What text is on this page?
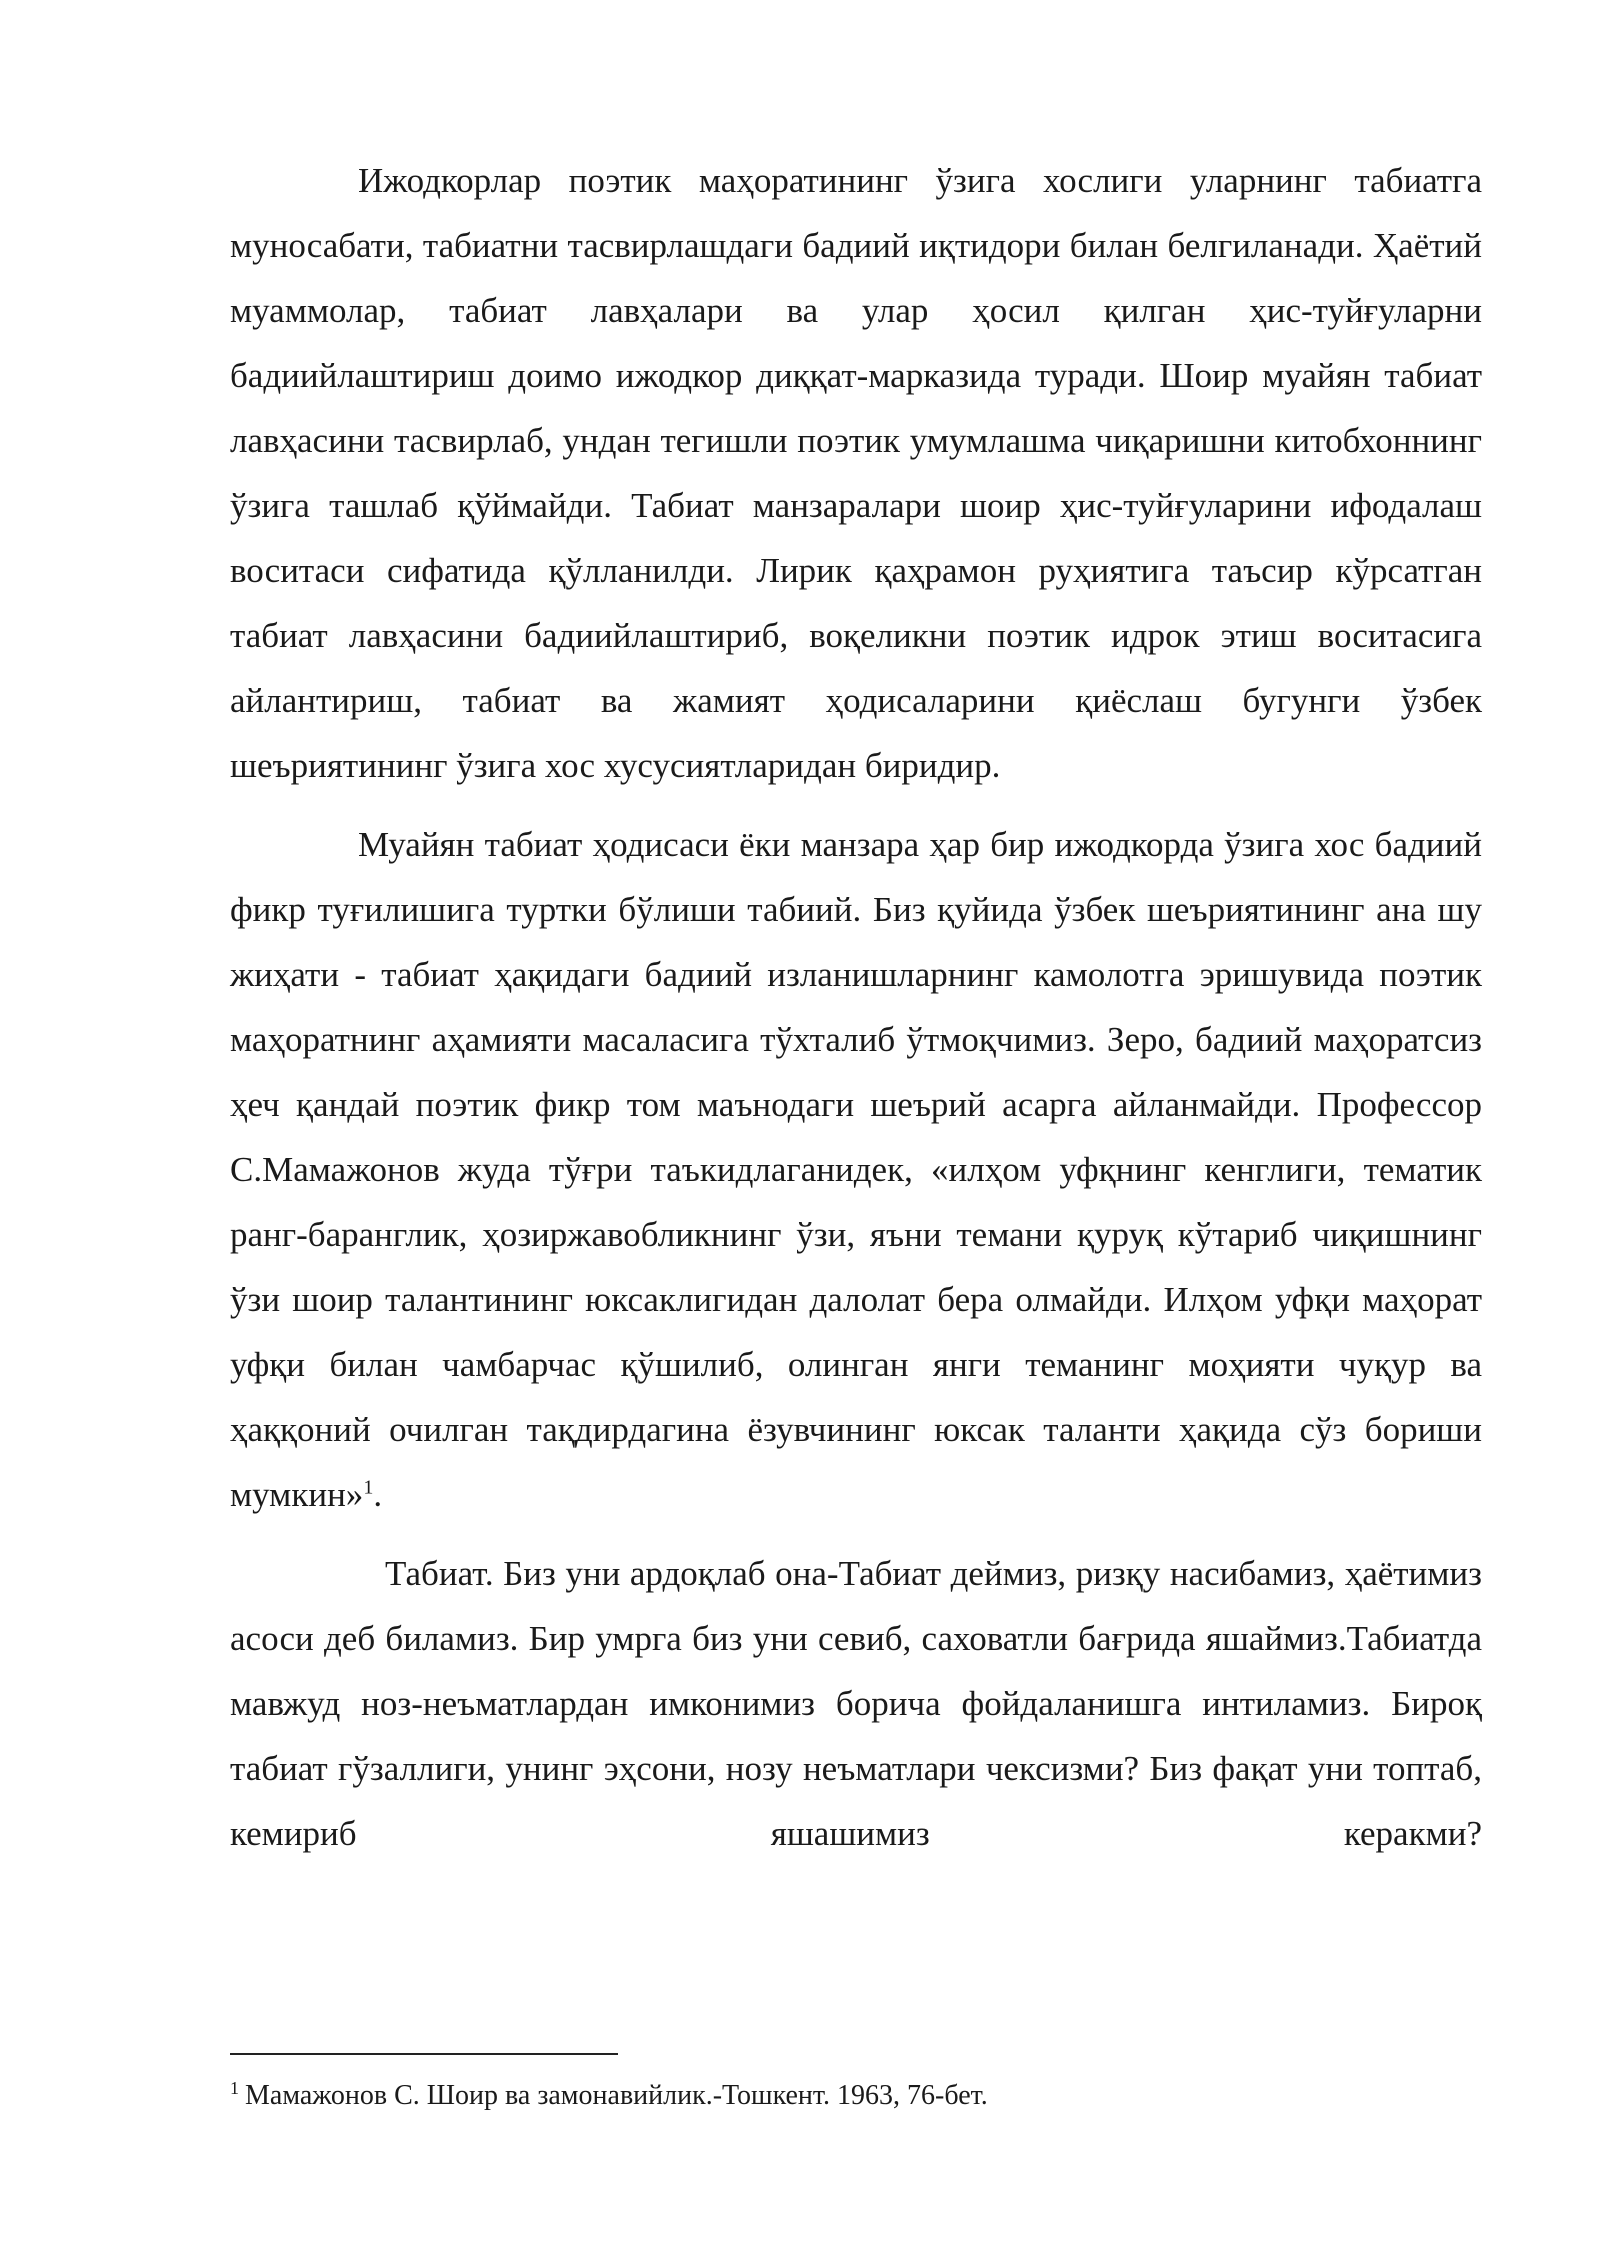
Ижодкорлар поэтик маҳоратининг ўзига хослиги уларнинг табиатга муносабати, табиатни тасвирлашдаги бадиий иқтидори билан белгиланади. Ҳаётий муаммолар, табиат лавҳалари ва улар ҳосил қилган ҳис-туйғуларни бадиийлаштириш доимо ижодкор диққат-марказида туради. Шоир муайян табиат лавҳасини тасвирлаб, ундан тегишли поэтик умумлашма чиқаришни китобхоннинг ўзига ташлаб қўймайди. Табиат манзаралари шоир ҳис-туйғуларини ифодалаш воситаси сифатида қўлланилди. Лирик қаҳрамон руҳиятига таъсир кўрсатган табиат лавҳасини бадиийлаштириб, воқеликни поэтик идрок этиш воситасига айлантириш, табиат ва жамият ҳодисаларини қиёслаш бугунги ўзбек шеъриятининг ўзига хос хусусиятларидан биридир.

Муайян табиат ҳодисаси ёки манзара ҳар бир ижодкорда ўзига хос бадиий фикр туғилишига туртки бўлиши табиий. Биз қуйида ўзбек шеъриятининг ана шу жиҳати - табиат ҳақидаги бадиий изланишларнинг камолотга эришувида поэтик маҳоратнинг аҳамияти масаласига тўхталиб ўтмоқчимиз. Зеро, бадиий маҳоратсиз ҳеч қандай поэтик фикр том маънодаги шеърий асарга айланмайди. Профессор С.Мамажонов жуда тўғри таъкидлаганидек, «илҳом уфқнинг кенглиги, тематик ранг-баранглик, ҳозиржавобликнинг ўзи, яъни темани қуруқ кўтариб чиқишнинг ўзи шоир талантининг юксаклигидан далолат бера олмайди. Илҳом уфқи маҳорат уфқи билан чамбарчас қўшилиб, олинган янги теманинг моҳияти чуқур ва ҳаққоний очилган тақдирдагина ёзувчининг юксак таланти ҳақида сўз бориши мумкин»$^1$.

Табиат. Биз уни ардоқлаб она-Табиат деймиз, ризқу насибамиз, ҳаётимиз асоси деб биламиз. Бир умрга биз уни севиб, саховатли бағрида яшаймиз.Табиатда мавжуд ноз-неъматлардан имконимиз борича фойдаланишга интиламиз. Бироқ табиат гўзаллиги, унинг эҳсони, нозу неъматлари чексизми? Биз фақат уни топтаб, кемириб яшашимиз керакми?

$^1$ Мамажонов С. Шоир ва замонавийлик.-Тошкент. 1963, 76-бет.
